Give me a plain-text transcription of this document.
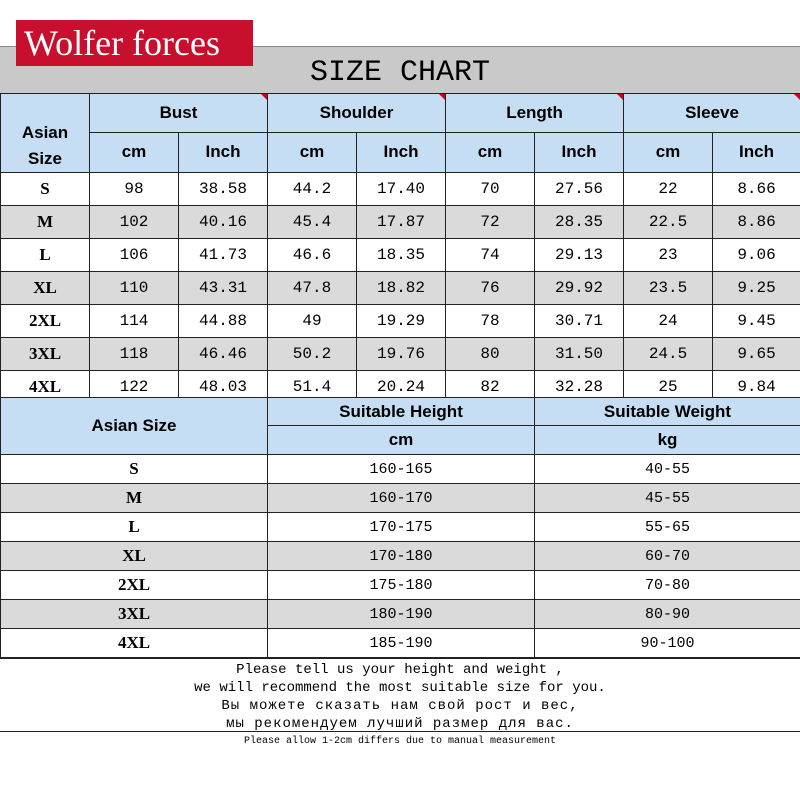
SIZE CHART
Wolfer forces

Asian
Size	Bust		Shoulder		Length		Sleeve	
	cm	Inch	cm	Inch	cm	Inch	cm	Inch
S	98	38.58	44.2	17.40	70	27.56	22	8.66
M	102	40.16	45.4	17.87	72	28.35	22.5	8.86
L	106	41.73	46.6	18.35	74	29.13	23	9.06
XL	110	43.31	47.8	18.82	76	29.92	23.5	9.25
2XL	114	44.88	49	19.29	78	30.71	24	9.45
3XL	118	46.46	50.2	19.76	80	31.50	24.5	9.65
4XL	122	48.03	51.4	20.24	82	32.28	25	9.84
Asian Size	Suitable Height	Suitable Weight
	cm	kg
S	160-165	40-55
M	160-170	45-55
L	170-175	55-65
XL	170-180	60-70
2XL	175-180	70-80
3XL	180-190	80-90
4XL	185-190	90-100
Please tell us your height and weight ,
we will recommend the most suitable size for you.
Вы можете сказать нам свой рост и вес,
мы рекомендуем лучший размер для вас.
Please allow 1-2cm differs due to manual measurement
